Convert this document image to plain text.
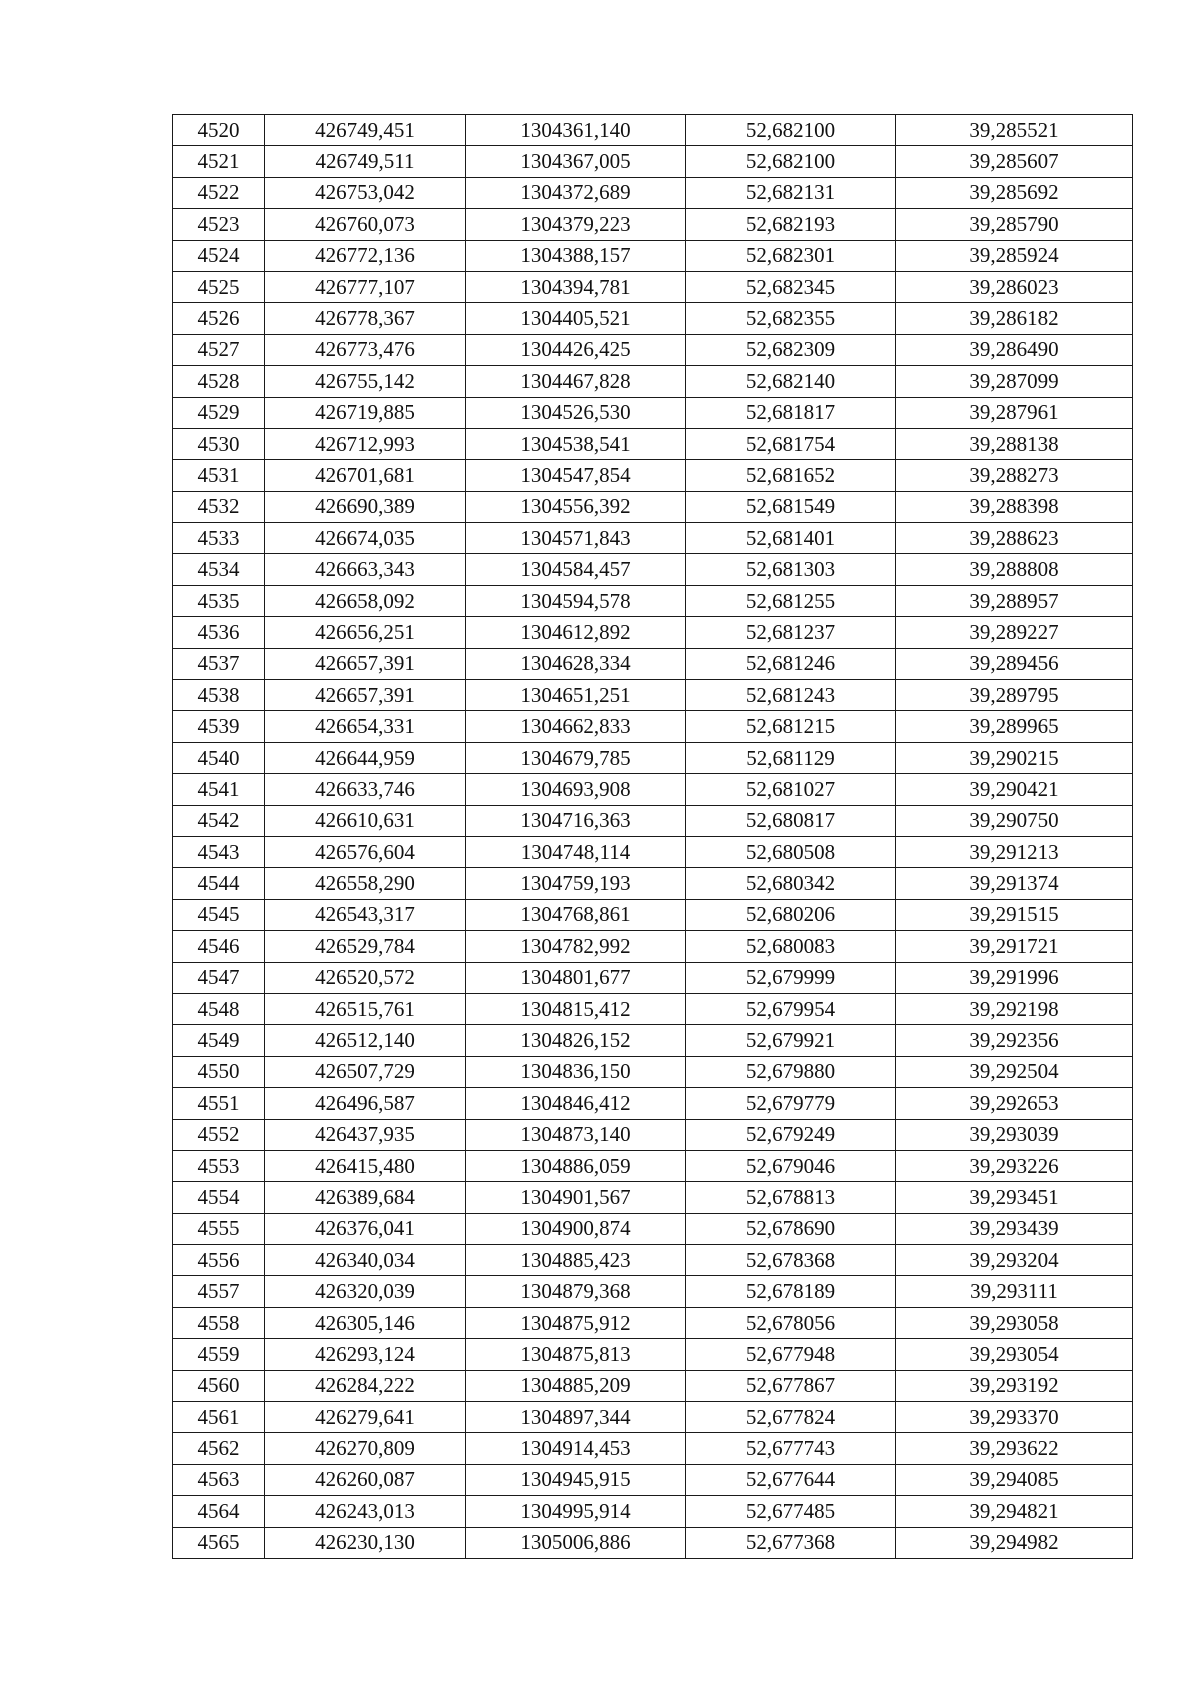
4520	426749,451	1304361,140	52,682100	39,285521
4521	426749,511	1304367,005	52,682100	39,285607
4522	426753,042	1304372,689	52,682131	39,285692
4523	426760,073	1304379,223	52,682193	39,285790
4524	426772,136	1304388,157	52,682301	39,285924
4525	426777,107	1304394,781	52,682345	39,286023
4526	426778,367	1304405,521	52,682355	39,286182
4527	426773,476	1304426,425	52,682309	39,286490
4528	426755,142	1304467,828	52,682140	39,287099
4529	426719,885	1304526,530	52,681817	39,287961
4530	426712,993	1304538,541	52,681754	39,288138
4531	426701,681	1304547,854	52,681652	39,288273
4532	426690,389	1304556,392	52,681549	39,288398
4533	426674,035	1304571,843	52,681401	39,288623
4534	426663,343	1304584,457	52,681303	39,288808
4535	426658,092	1304594,578	52,681255	39,288957
4536	426656,251	1304612,892	52,681237	39,289227
4537	426657,391	1304628,334	52,681246	39,289456
4538	426657,391	1304651,251	52,681243	39,289795
4539	426654,331	1304662,833	52,681215	39,289965
4540	426644,959	1304679,785	52,681129	39,290215
4541	426633,746	1304693,908	52,681027	39,290421
4542	426610,631	1304716,363	52,680817	39,290750
4543	426576,604	1304748,114	52,680508	39,291213
4544	426558,290	1304759,193	52,680342	39,291374
4545	426543,317	1304768,861	52,680206	39,291515
4546	426529,784	1304782,992	52,680083	39,291721
4547	426520,572	1304801,677	52,679999	39,291996
4548	426515,761	1304815,412	52,679954	39,292198
4549	426512,140	1304826,152	52,679921	39,292356
4550	426507,729	1304836,150	52,679880	39,292504
4551	426496,587	1304846,412	52,679779	39,292653
4552	426437,935	1304873,140	52,679249	39,293039
4553	426415,480	1304886,059	52,679046	39,293226
4554	426389,684	1304901,567	52,678813	39,293451
4555	426376,041	1304900,874	52,678690	39,293439
4556	426340,034	1304885,423	52,678368	39,293204
4557	426320,039	1304879,368	52,678189	39,293111
4558	426305,146	1304875,912	52,678056	39,293058
4559	426293,124	1304875,813	52,677948	39,293054
4560	426284,222	1304885,209	52,677867	39,293192
4561	426279,641	1304897,344	52,677824	39,293370
4562	426270,809	1304914,453	52,677743	39,293622
4563	426260,087	1304945,915	52,677644	39,294085
4564	426243,013	1304995,914	52,677485	39,294821
4565	426230,130	1305006,886	52,677368	39,294982
